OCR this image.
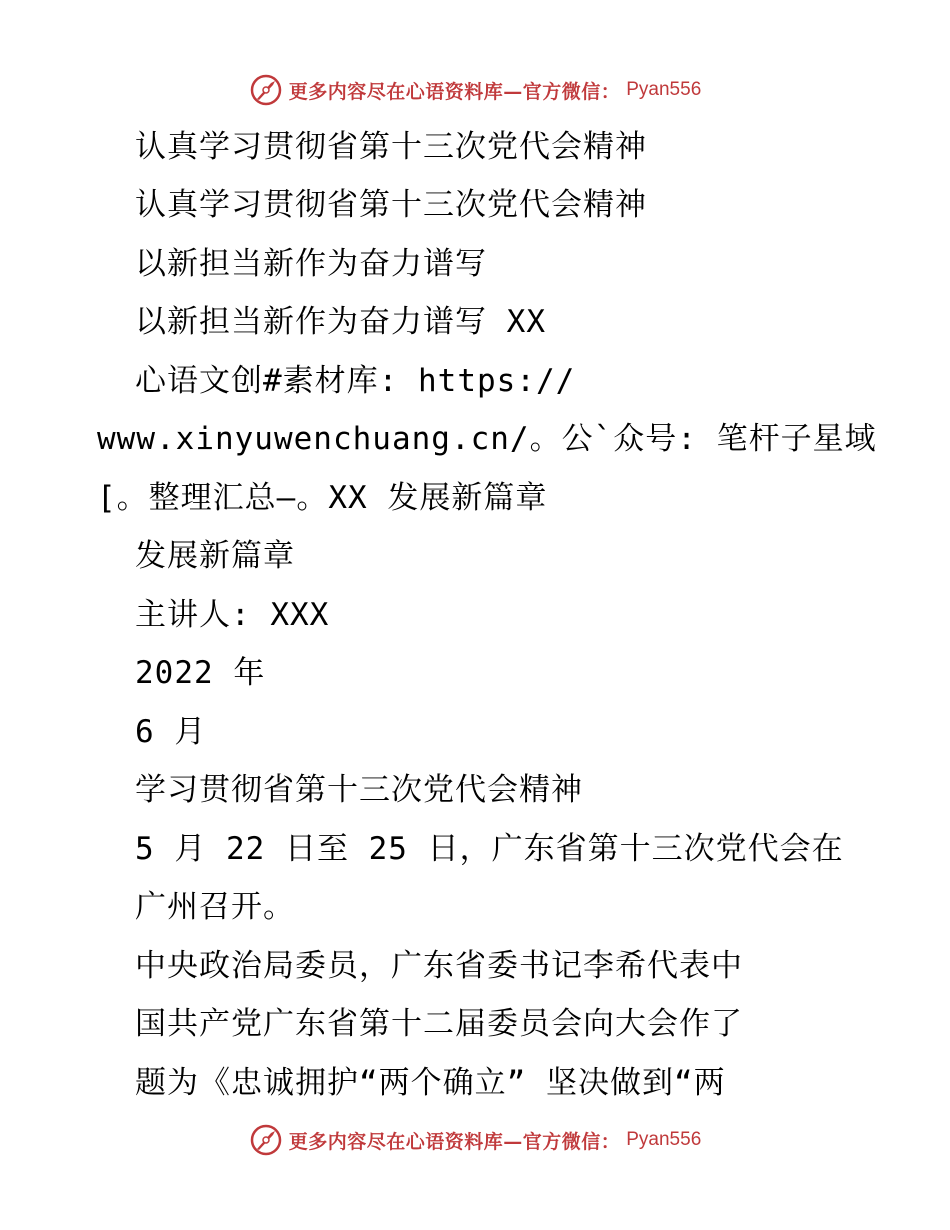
更多内容尽在心语资料库—官方微信： Pyan556
认真学习贯彻省第十三次党代会精神
认真学习贯彻省第十三次党代会精神
以新担当新作为奋力谱写
以新担当新作为奋力谱写 XX
心语文创#素材库: https://
www.xinyuwenchuang.cn/。公`众号: 笔杆子星域
[。整理汇总—。XX 发展新篇章
发展新篇章
主讲人: XXX
2022 年
6 月
学习贯彻省第十三次党代会精神
5 月 22 日至 25 日，广东省第十三次党代会在
广州召开。
中央政治局委员，广东省委书记李希代表中
国共产党广东省第十二届委员会向大会作了
题为《忠诚拥护“两个确立” 坚决做到“两
更多内容尽在心语资料库—官方微信： Pyan556
